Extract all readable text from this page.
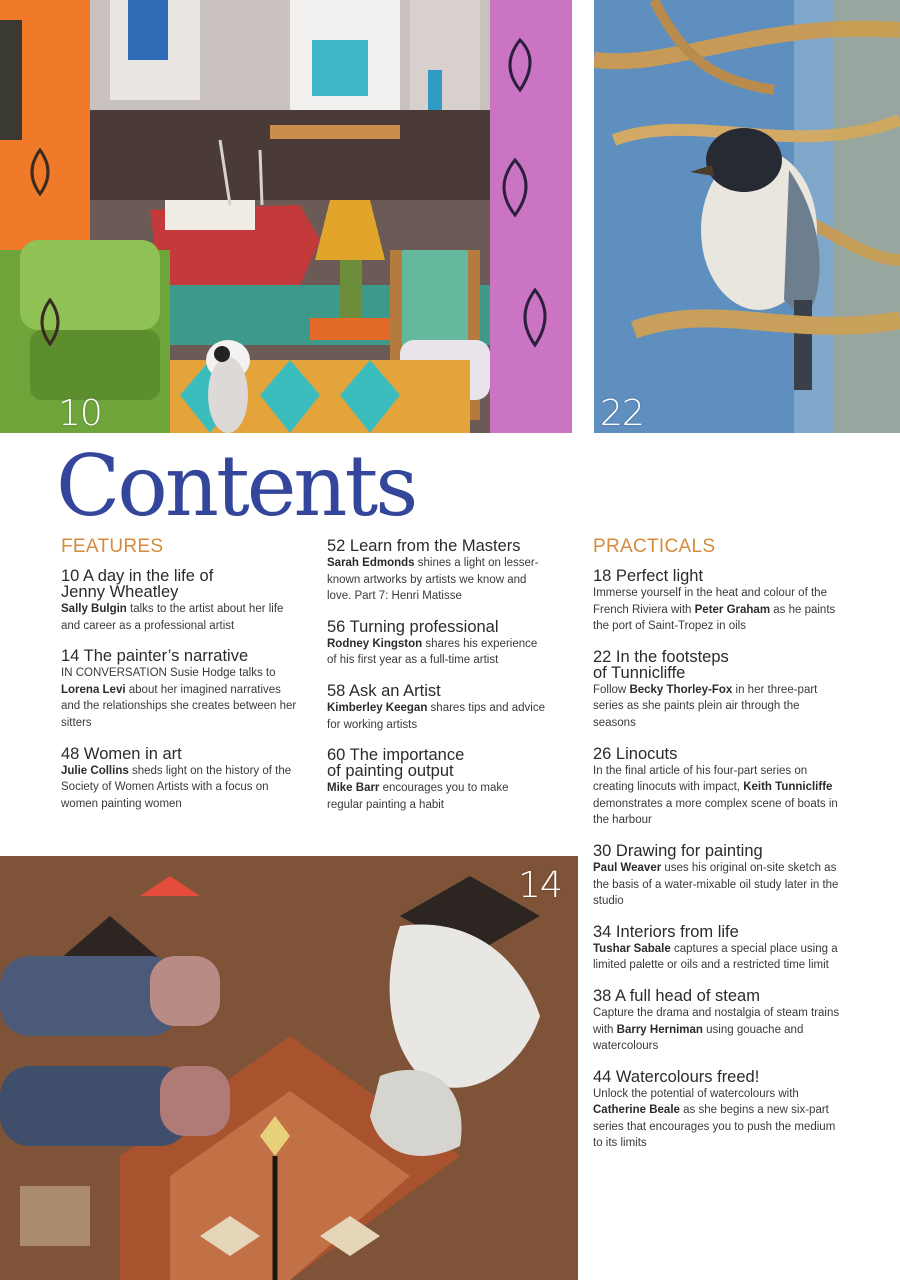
10	22
14
Contents
FEATURES
10 A day in the life of
Jenny Wheatley

Sally Bulgin talks to the artist about her life and career as a professional artist

14 The painter’s narrative

IN CONVERSATION Susie Hodge talks to Lorena Levi about her imagined narratives and the relationships she creates between her sitters

48 Women in art

Julie Collins sheds light on the history of the Society of Women Artists with a focus on women painting women

52 Learn from the Masters

Sarah Edmonds shines a light on lesser-known artworks by artists we know and love. Part 7: Henri Matisse

56 Turning professional

Rodney Kingston shares his experience of his first year as a full-time artist

58 Ask an Artist

Kimberley Keegan shares tips and advice for working artists

60 The importance
of painting output

Mike Barr encourages you to make regular painting a habit

PRACTICALS
18 Perfect light

Immerse yourself in the heat and colour of the French Riviera with Peter Graham as he paints the port of Saint-Tropez in oils

22 In the footsteps
of Tunnicliffe

Follow Becky Thorley-Fox in her three-part series as she paints plein air through the seasons

26 Linocuts

In the final article of his four-part series on creating linocuts with impact, Keith Tunnicliffe demonstrates a more complex scene of boats in the harbour

30 Drawing for painting

Paul Weaver uses his original on-site sketch as the basis of a water-mixable oil study later in the studio

34 Interiors from life

Tushar Sabale captures a special place using a limited palette or oils and a restricted time limit

38 A full head of steam

Capture the drama and nostalgia of steam trains with Barry Herniman using gouache and watercolours

44 Watercolours freed!

Unlock the potential of watercolours with Catherine Beale as she begins a new six-part series that encourages you to push the medium to its limits
